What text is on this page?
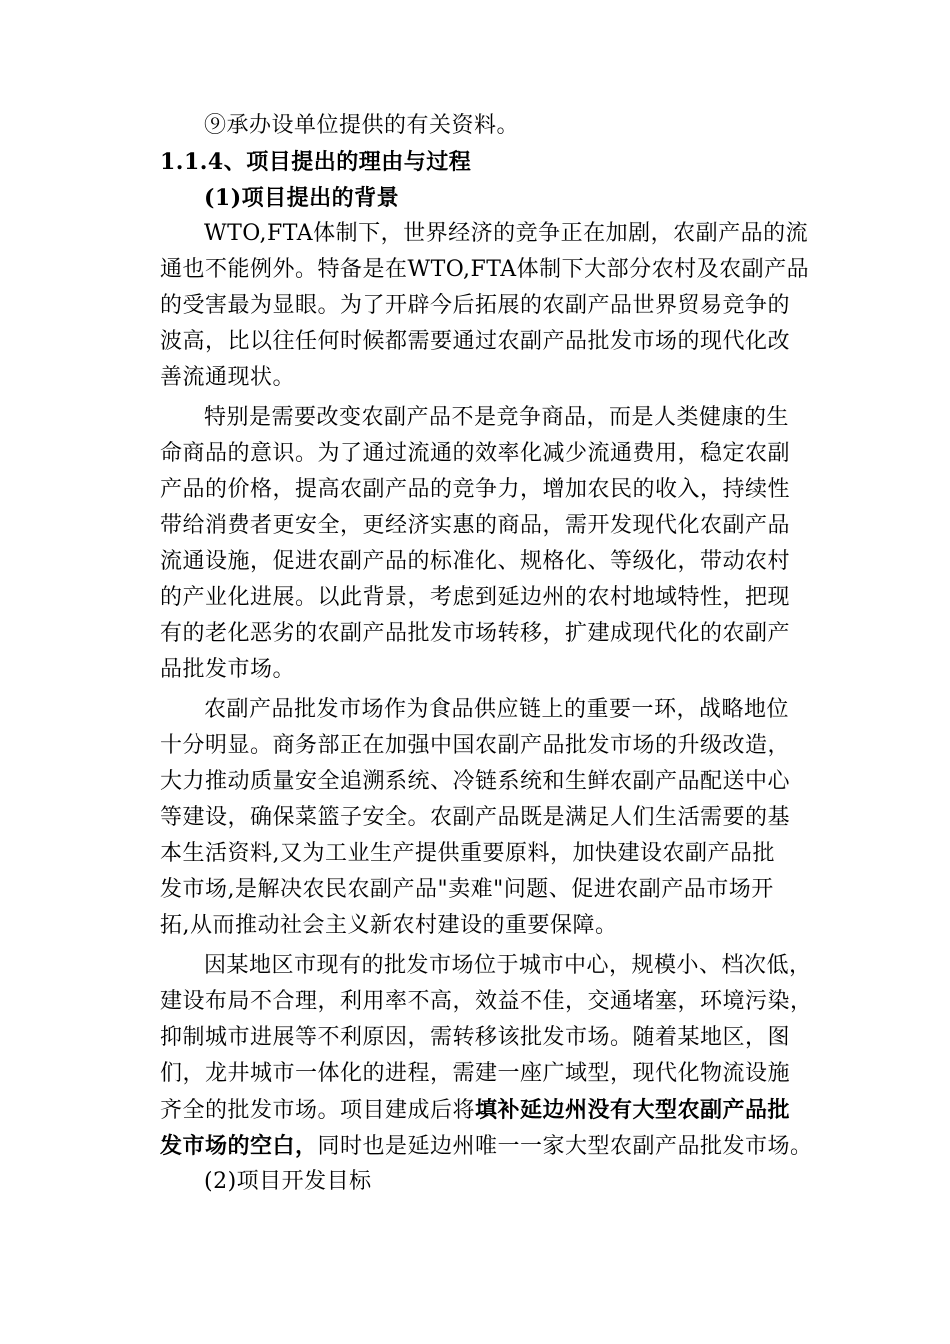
⑨承办设单位提供的有关资料。
1.1.4、项目提出的理由与过程
(1)项目提出的背景
WTO,FTA体制下，世界经济的竞争正在加剧，农副产品的流
通也不能例外。特备是在WTO,FTA体制下大部分农村及农副产品
的受害最为显眼。为了开辟今后拓展的农副产品世界贸易竞争的
波高，比以往任何时候都需要通过农副产品批发市场的现代化改
善流通现状。
特别是需要改变农副产品不是竞争商品，而是人类健康的生
命商品的意识。为了通过流通的效率化减少流通费用，稳定农副
产品的价格，提高农副产品的竞争力，增加农民的收入，持续性
带给消费者更安全，更经济实惠的商品，需开发现代化农副产品
流通设施，促进农副产品的标准化、规格化、等级化，带动农村
的产业化进展。以此背景，考虑到延边州的农村地域特性，把现
有的老化恶劣的农副产品批发市场转移，扩建成现代化的农副产
品批发市场。
农副产品批发市场作为食品供应链上的重要一环，战略地位
十分明显。商务部正在加强中国农副产品批发市场的升级改造，
大力推动质量安全追溯系统、冷链系统和生鲜农副产品配送中心
等建设，确保菜篮子安全。农副产品既是满足人们生活需要的基
本生活资料,又为工业生产提供重要原料，加快建设农副产品批
发市场,是解决农民农副产品"卖难"问题、促进农副产品市场开
拓,从而推动社会主义新农村建设的重要保障。
因某地区市现有的批发市场位于城市中心，规模小、档次低，
建设布局不合理，利用率不高，效益不佳，交通堵塞，环境污染，
抑制城市进展等不利原因，需转移该批发市场。随着某地区，图
们，龙井城市一体化的进程，需建一座广域型，现代化物流设施
齐全的批发市场。项目建成后将填补延边州没有大型农副产品批
发市场的空白，同时也是延边州唯一一家大型农副产品批发市场。
(2)项目开发目标
